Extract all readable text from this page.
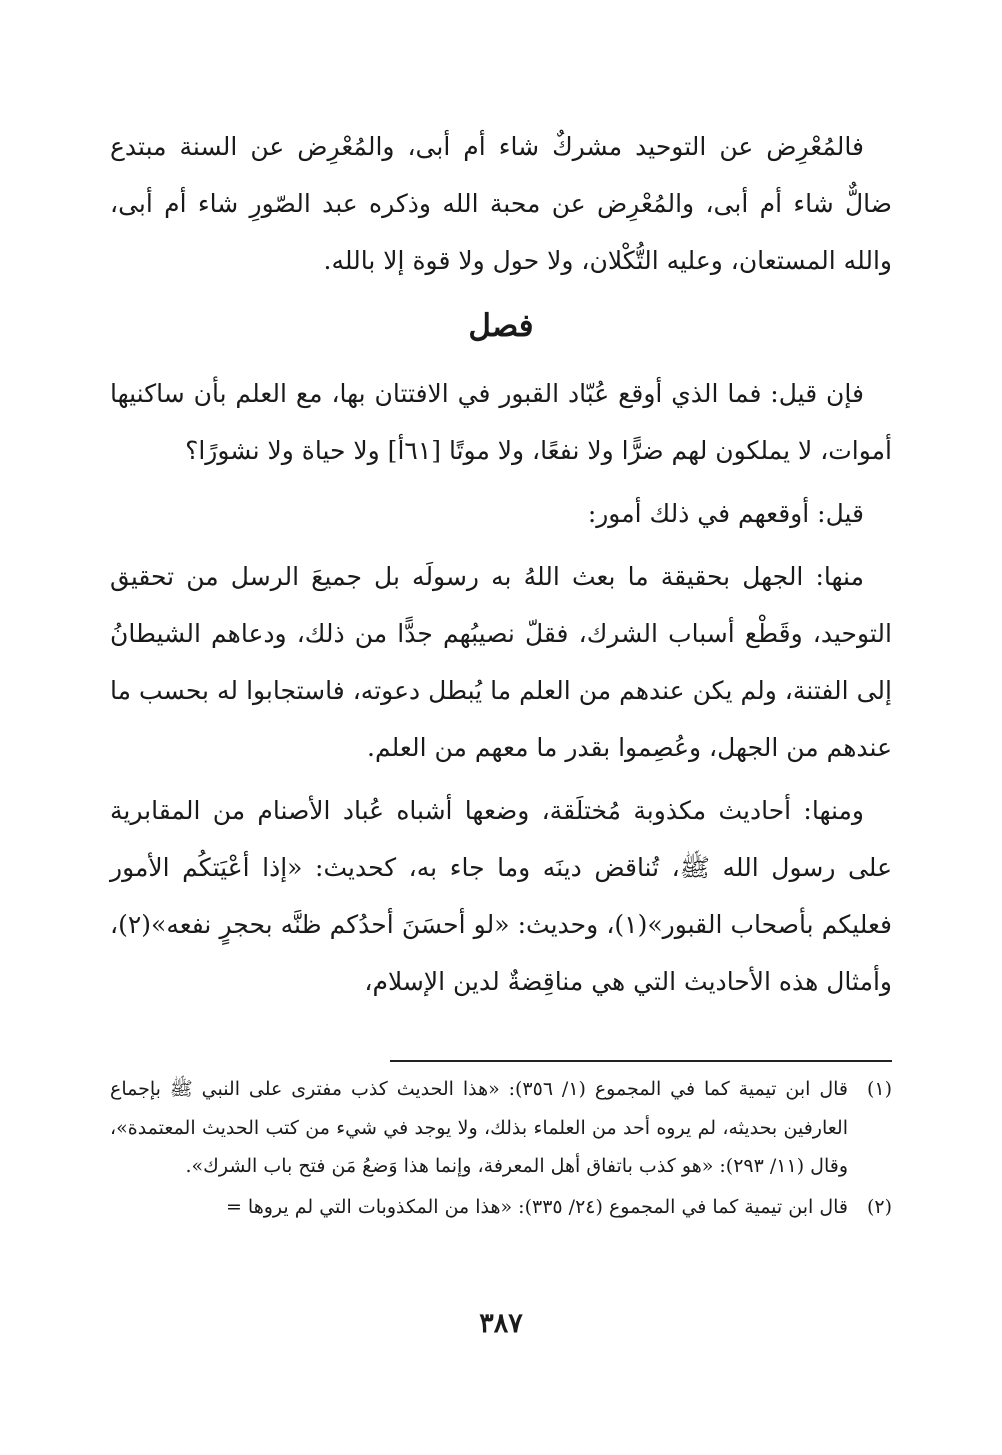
فالمُعْرِض عن التوحيد مشركٌ شاء أم أبى، والمُعْرِض عن السنة مبتدع ضالٌّ شاء أم أبى، والمُعْرِض عن محبة الله وذكره عبد الصّورِ شاء أم أبى، والله المستعان، وعليه التُّكْلان، ولا حول ولا قوة إلا بالله.

فصل

فإن قيل: فما الذي أوقع عُبّاد القبور في الافتتان بها، مع العلم بأن ساكنيها أموات، لا يملكون لهم ضرًّا ولا نفعًا، ولا موتًا [٦١أ] ولا حياة ولا نشورًا؟

قيل: أوقعهم في ذلك أمور:

منها: الجهل بحقيقة ما بعث اللهُ به رسولَه بل جميعَ الرسل من تحقيق التوحيد، وقَطْع أسباب الشرك، فقلّ نصيبُهم جدًّا من ذلك، ودعاهم الشيطانُ إلى الفتنة، ولم يكن عندهم من العلم ما يُبطل دعوته، فاستجابوا له بحسب ما عندهم من الجهل، وعُصِموا بقدر ما معهم من العلم.

ومنها: أحاديث مكذوبة مُختلَقة، وضعها أشباه عُباد الأصنام من المقابرية على رسول الله ﷺ، تُناقض دينَه وما جاء به، كحديث: «إذا أعْيَتكُم الأمور فعليكم بأصحاب القبور»(١)، وحديث: «لو أحسَنَ أحدُكم ظنَّه بحجرٍ نفعه»(٢)، وأمثال هذه الأحاديث التي هي مناقِضةٌ لدين الإسلام،

(١)
قال ابن تيمية كما في المجموع (١/ ٣٥٦): «هذا الحديث كذب مفترى على النبي ﷺ بإجماع العارفين بحديثه، لم يروه أحد من العلماء بذلك، ولا يوجد في شيء من كتب الحديث المعتمدة»، وقال (١١/ ٢٩٣): «هو كذب باتفاق أهل المعرفة، وإنما هذا وَضعُ مَن فتح باب الشرك».
(٢)
قال ابن تيمية كما في المجموع (٢٤/ ٣٣٥): «هذا من المكذوبات التي لم يروها =
٣٨٧
